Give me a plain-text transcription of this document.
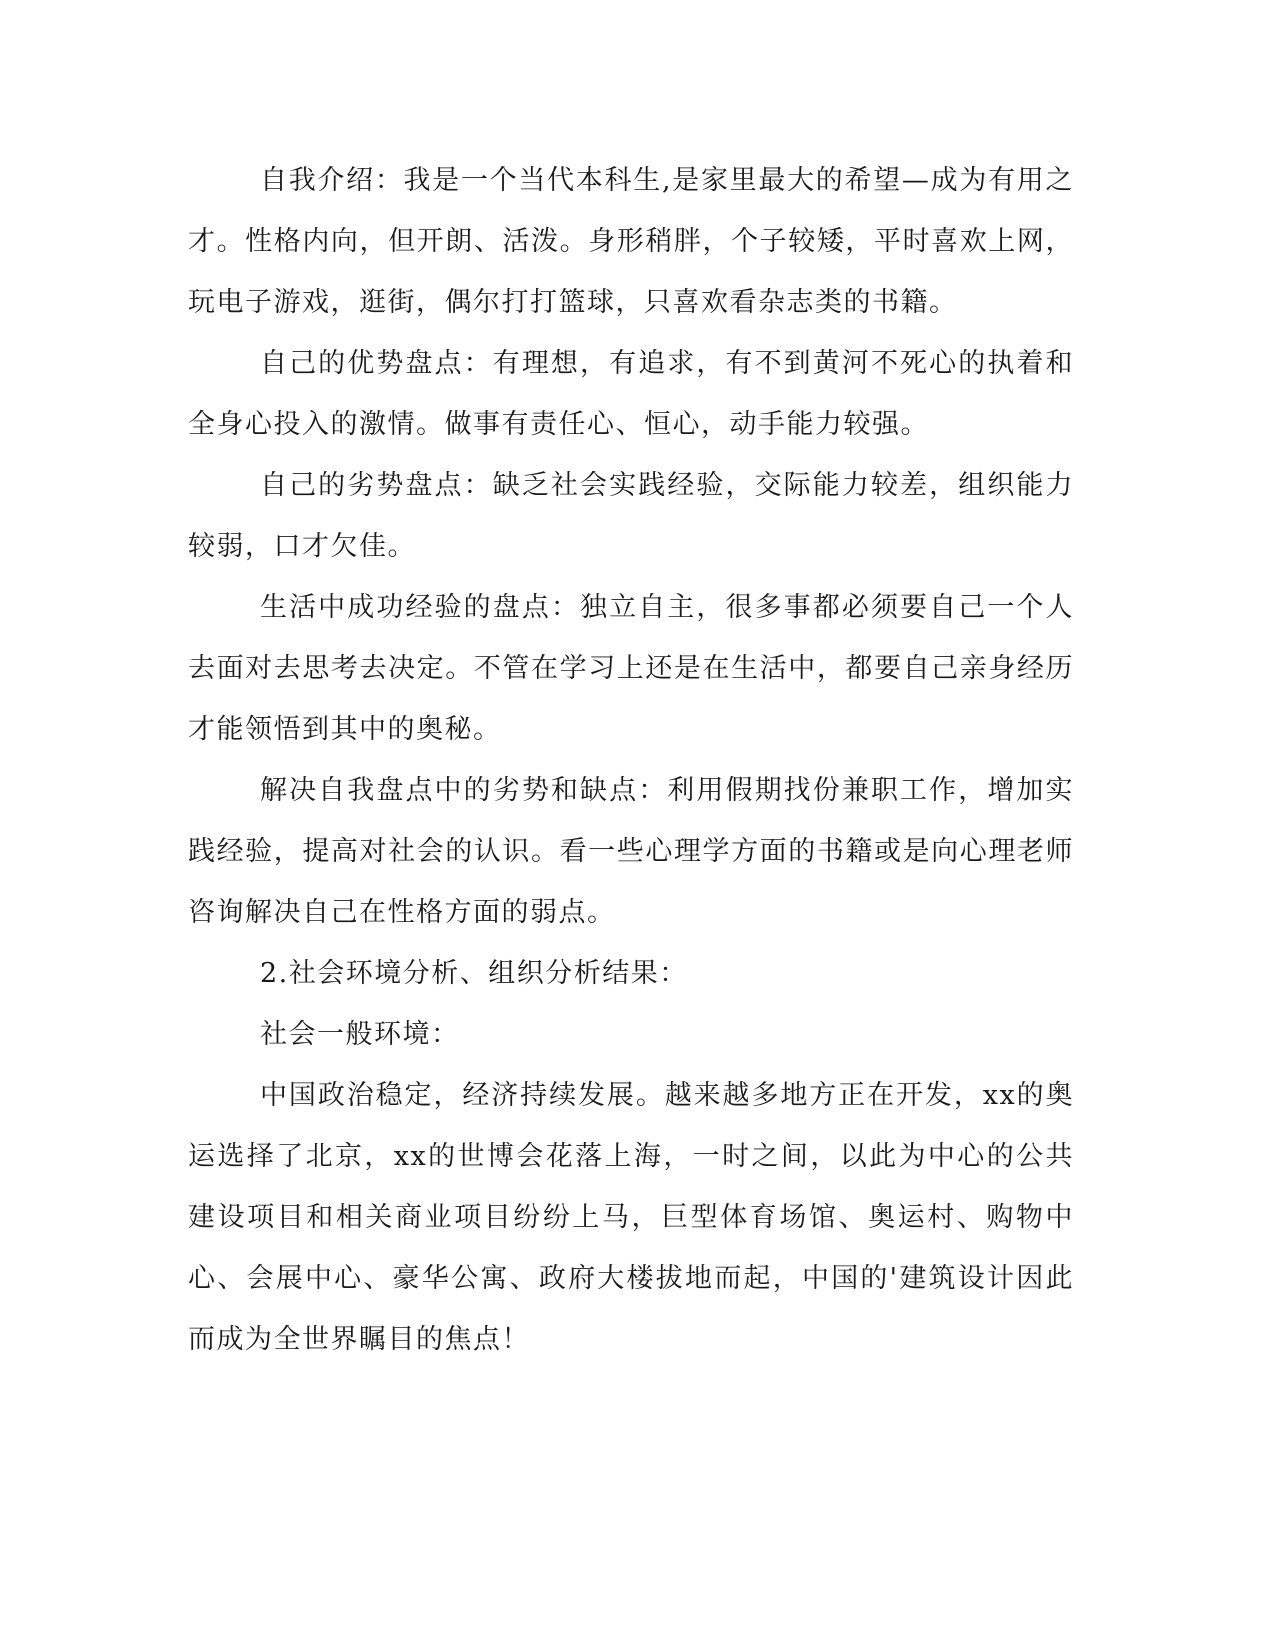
自我介绍：我是一个当代本科生,是家里最大的希望—成为有用之才。性格内向，但开朗、活泼。身形稍胖，个子较矮，平时喜欢上网，玩电子游戏，逛街，偶尔打打篮球，只喜欢看杂志类的书籍。

自己的优势盘点：有理想，有追求，有不到黄河不死心的执着和全身心投入的激情。做事有责任心、恒心，动手能力较强。

自己的劣势盘点：缺乏社会实践经验，交际能力较差，组织能力较弱，口才欠佳。

生活中成功经验的盘点：独立自主，很多事都必须要自己一个人去面对去思考去决定。不管在学习上还是在生活中，都要自己亲身经历才能领悟到其中的奥秘。

解决自我盘点中的劣势和缺点：利用假期找份兼职工作，增加实践经验，提高对社会的认识。看一些心理学方面的书籍或是向心理老师咨询解决自己在性格方面的弱点。

2.社会环境分析、组织分析结果：

社会一般环境：

中国政治稳定，经济持续发展。越来越多地方正在开发，xx的奥运选择了北京，xx的世博会花落上海，一时之间，以此为中心的公共建设项目和相关商业项目纷纷上马，巨型体育场馆、奥运村、购物中心、会展中心、豪华公寓、政府大楼拔地而起，中国的'建筑设计因此而成为全世界瞩目的焦点！
